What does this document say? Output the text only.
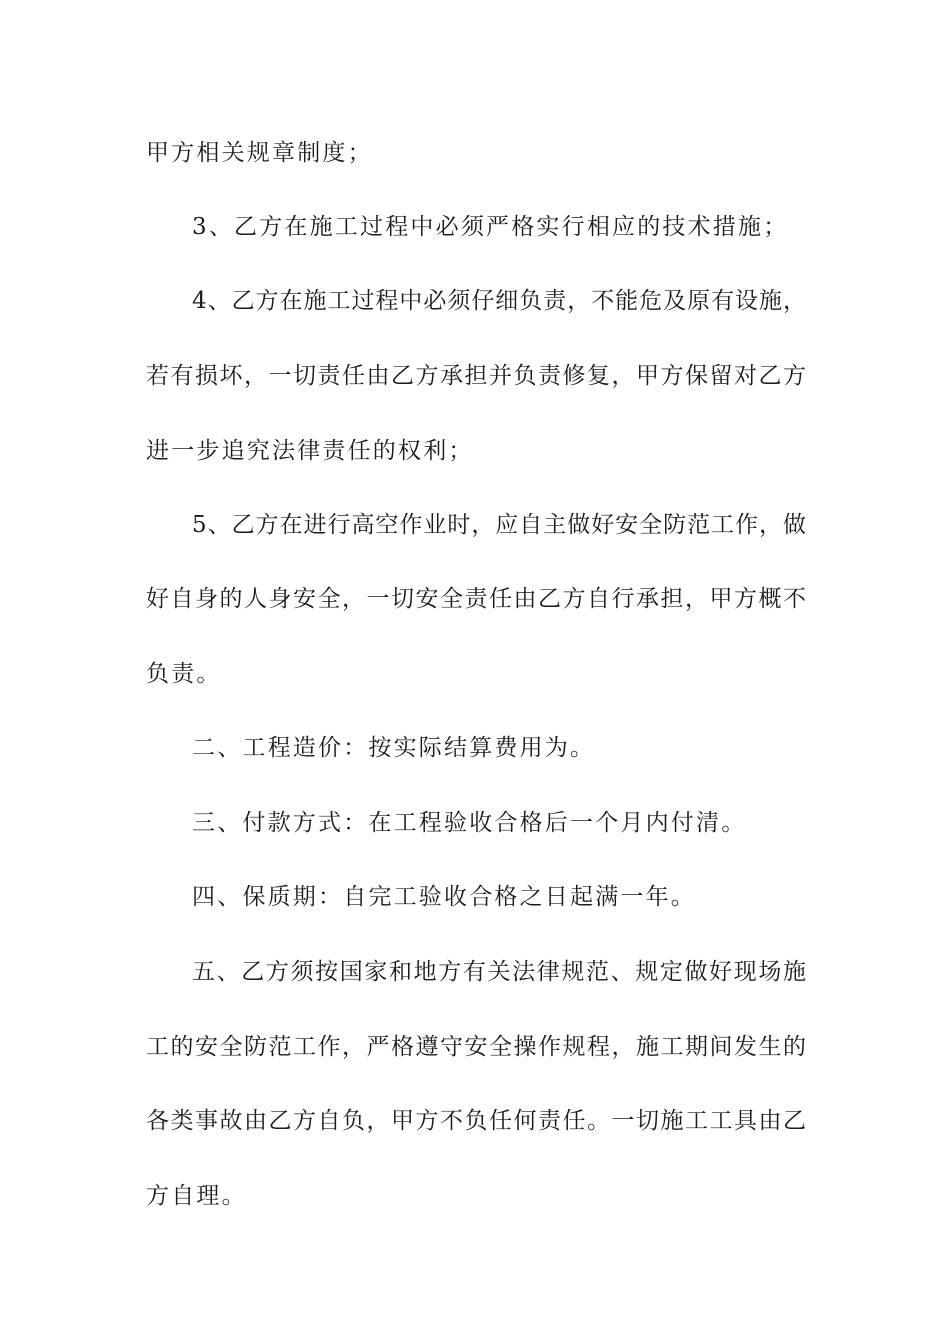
甲方相关规章制度；
3、乙方在施工过程中必须严格实行相应的技术措施；
4、乙方在施工过程中必须仔细负责，不能危及原有设施，
若有损坏，一切责任由乙方承担并负责修复，甲方保留对乙方
进一步追究法律责任的权利；
5、乙方在进行高空作业时，应自主做好安全防范工作，做
好自身的人身安全，一切安全责任由乙方自行承担，甲方概不
负责。
二、工程造价：按实际结算费用为。
三、付款方式：在工程验收合格后一个月内付清。
四、保质期：自完工验收合格之日起满一年。
五、乙方须按国家和地方有关法律规范、规定做好现场施
工的安全防范工作，严格遵守安全操作规程，施工期间发生的
各类事故由乙方自负，甲方不负任何责任。一切施工工具由乙
方自理。
